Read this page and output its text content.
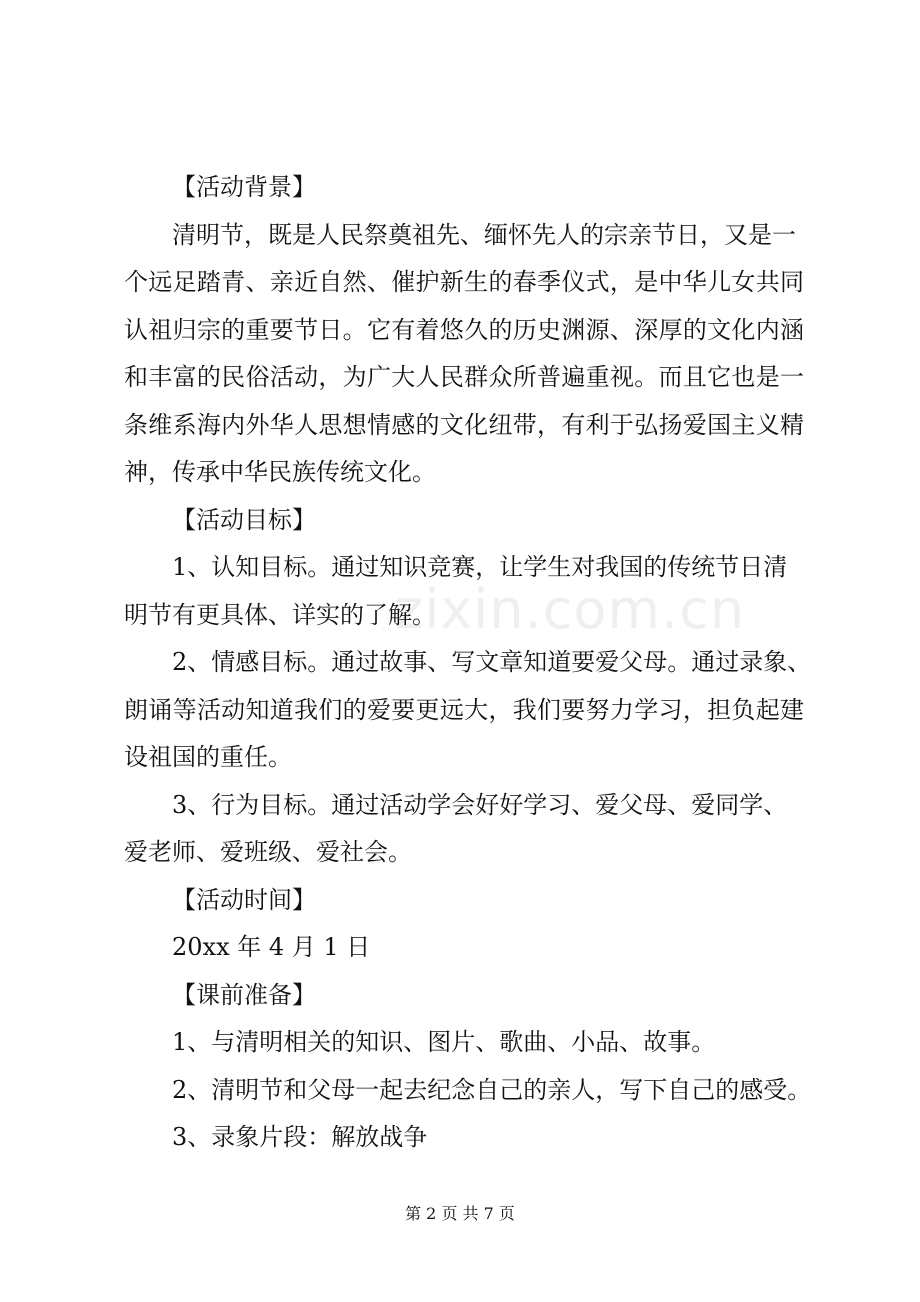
【活动背景】
清明节，既是人民祭奠祖先、缅怀先人的宗亲节日，又是一
个远足踏青、亲近自然、催护新生的春季仪式，是中华儿女共同
认祖归宗的重要节日。它有着悠久的历史渊源、深厚的文化内涵
和丰富的民俗活动，为广大人民群众所普遍重视。而且它也是一
条维系海内外华人思想情感的文化纽带，有利于弘扬爱国主义精
神，传承中华民族传统文化。
【活动目标】
1、认知目标。通过知识竞赛，让学生对我国的传统节日清
明节有更具体、详实的了解。
2、情感目标。通过故事、写文章知道要爱父母。通过录象、
朗诵等活动知道我们的爱要更远大，我们要努力学习，担负起建
设祖国的重任。
3、行为目标。通过活动学会好好学习、爱父母、爱同学、
爱老师、爱班级、爱社会。
【活动时间】
20xx 年 4 月 1 日
【课前准备】
1、与清明相关的知识、图片、歌曲、小品、故事。
2、清明节和父母一起去纪念自己的亲人，写下自己的感受。
3、录象片段：解放战争
zixin.com.cn
第 2 页 共 7 页
